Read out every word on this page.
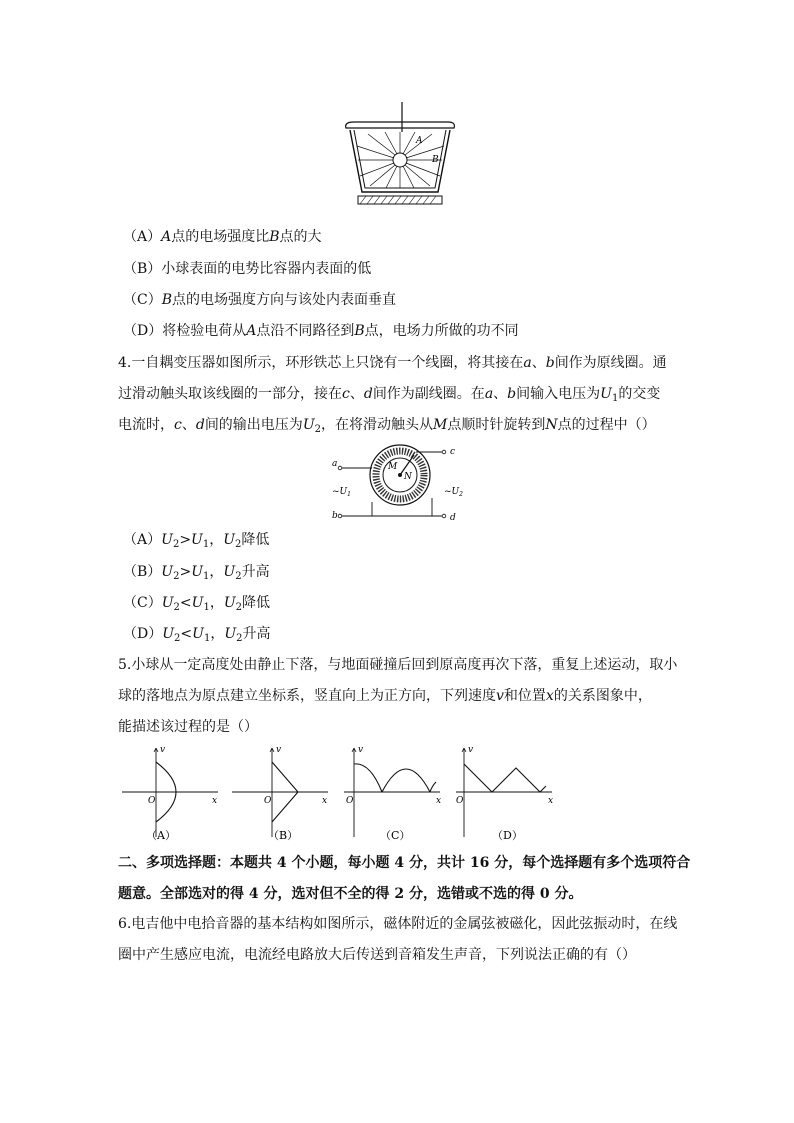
A
B
（A）A点的电场强度比B点的大
（B）小球表面的电势比容器内表面的低
（C）B点的电场强度方向与该处内表面垂直
（D）将检验电荷从A点沿不同路径到B点，电场力所做的功不同
4.一自耦变压器如图所示，环形铁芯上只饶有一个线圈，将其接在a、b间作为原线圈。通
过滑动触头取该线圈的一部分，接在c、d间作为副线圈。在a、b间输入电压为$U_1$的交变
电流时，c、d间的输出电压为$U_2$，在将滑动触头从M点顺时针旋转到N点的过程中（）
M
N
a
b
c
d
$\sim U_1$	$\sim U_2$
$(A)U_2>U_1$，$U_2$降低
$(B)U_2>U_1$，$U_2$升高
$(C)U_2<U_1$，$U_2$降低
$(D)U_2<U_1$，$U_2$升高
5.小球从一定高度处由静止下落，与地面碰撞后回到原高度再次下落，重复上述运动，取小
球的落地点为原点建立坐标系，竖直向上为正方向，下列速度v和位置x的关系图象中，
能描述该过程的是（）
v
x
O
（A）
v
x
O
（B）
v
x
O
（C）
v
x
O
（D）
二、多项选择题：本题共 4 个小题，每小题 4 分，共计 16 分，每个选择题有多个选项符合
题意。全部选对的得 4 分，选对但不全的得 2 分，选错或不选的得 0 分。
6.电吉他中电拾音器的基本结构如图所示，磁体附近的金属弦被磁化，因此弦振动时，在线
圈中产生感应电流，电流经电路放大后传送到音箱发生声音，下列说法正确的有（）
